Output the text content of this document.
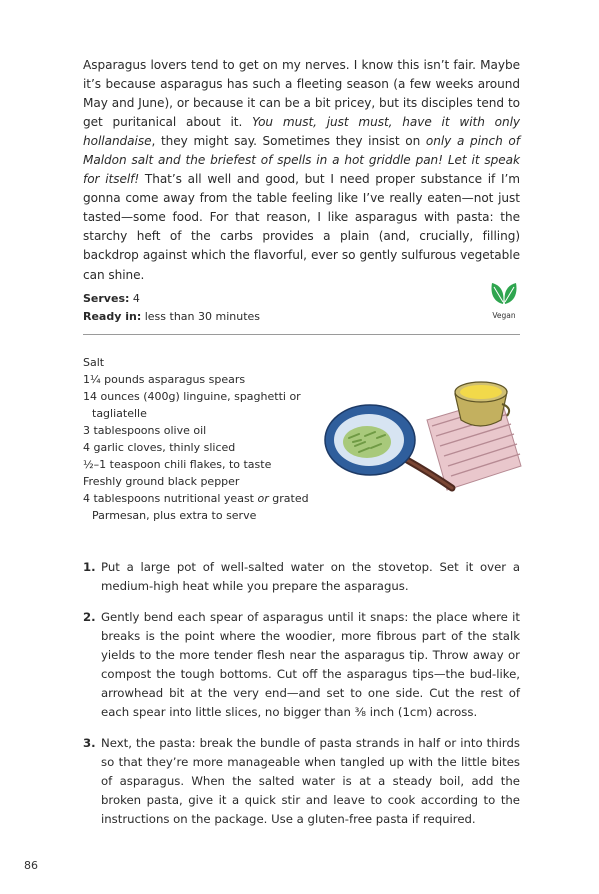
Asparagus lovers tend to get on my nerves. I know this isn’t fair. Maybe it’s because asparagus has such a fleeting season (a few weeks around May and June), or because it can be a bit pricey, but its disciples tend to get puritanical about it. You must, just must, have it with only hollandaise, they might say. Sometimes they insist on only a pinch of Maldon salt and the briefest of spells in a hot griddle pan! Let it speak for itself! That’s all well and good, but I need proper substance if I’m gonna come away from the table feeling like I’ve really eaten—not just tasted—some food. For that reason, I like asparagus with pasta: the starchy heft of the carbs provides a plain (and, crucially, filling) backdrop against which the flavorful, ever so gently sulfurous vegetable can shine.

Serves: 4
Ready in: less than 30 minutes	Vegan
Salt
1¼ pounds asparagus spears
14 ounces (400g) linguine, spaghetti or tagliatelle
3 tablespoons olive oil
4 garlic cloves, thinly sliced
½–1 teaspoon chili flakes, to taste
Freshly ground black pepper
4 tablespoons nutritional yeast or grated Parmesan, plus extra to serve
1. Put a large pot of well-salted water on the stovetop. Set it over a medium-high heat while you prepare the asparagus.
2. Gently bend each spear of asparagus until it snaps: the place where it breaks is the point where the woodier, more fibrous part of the stalk yields to the more tender flesh near the asparagus tip. Throw away or compost the tough bottoms. Cut off the asparagus tips—the bud-like, arrowhead bit at the very end—and set to one side. Cut the rest of each spear into little slices, no bigger than ⅜ inch (1cm) across.
3. Next, the pasta: break the bundle of pasta strands in half or into thirds so that they’re more manageable when tangled up with the little bites of asparagus. When the salted water is at a steady boil, add the broken pasta, give it a quick stir and leave to cook according to the instructions on the package. Use a gluten-free pasta if required.
86
